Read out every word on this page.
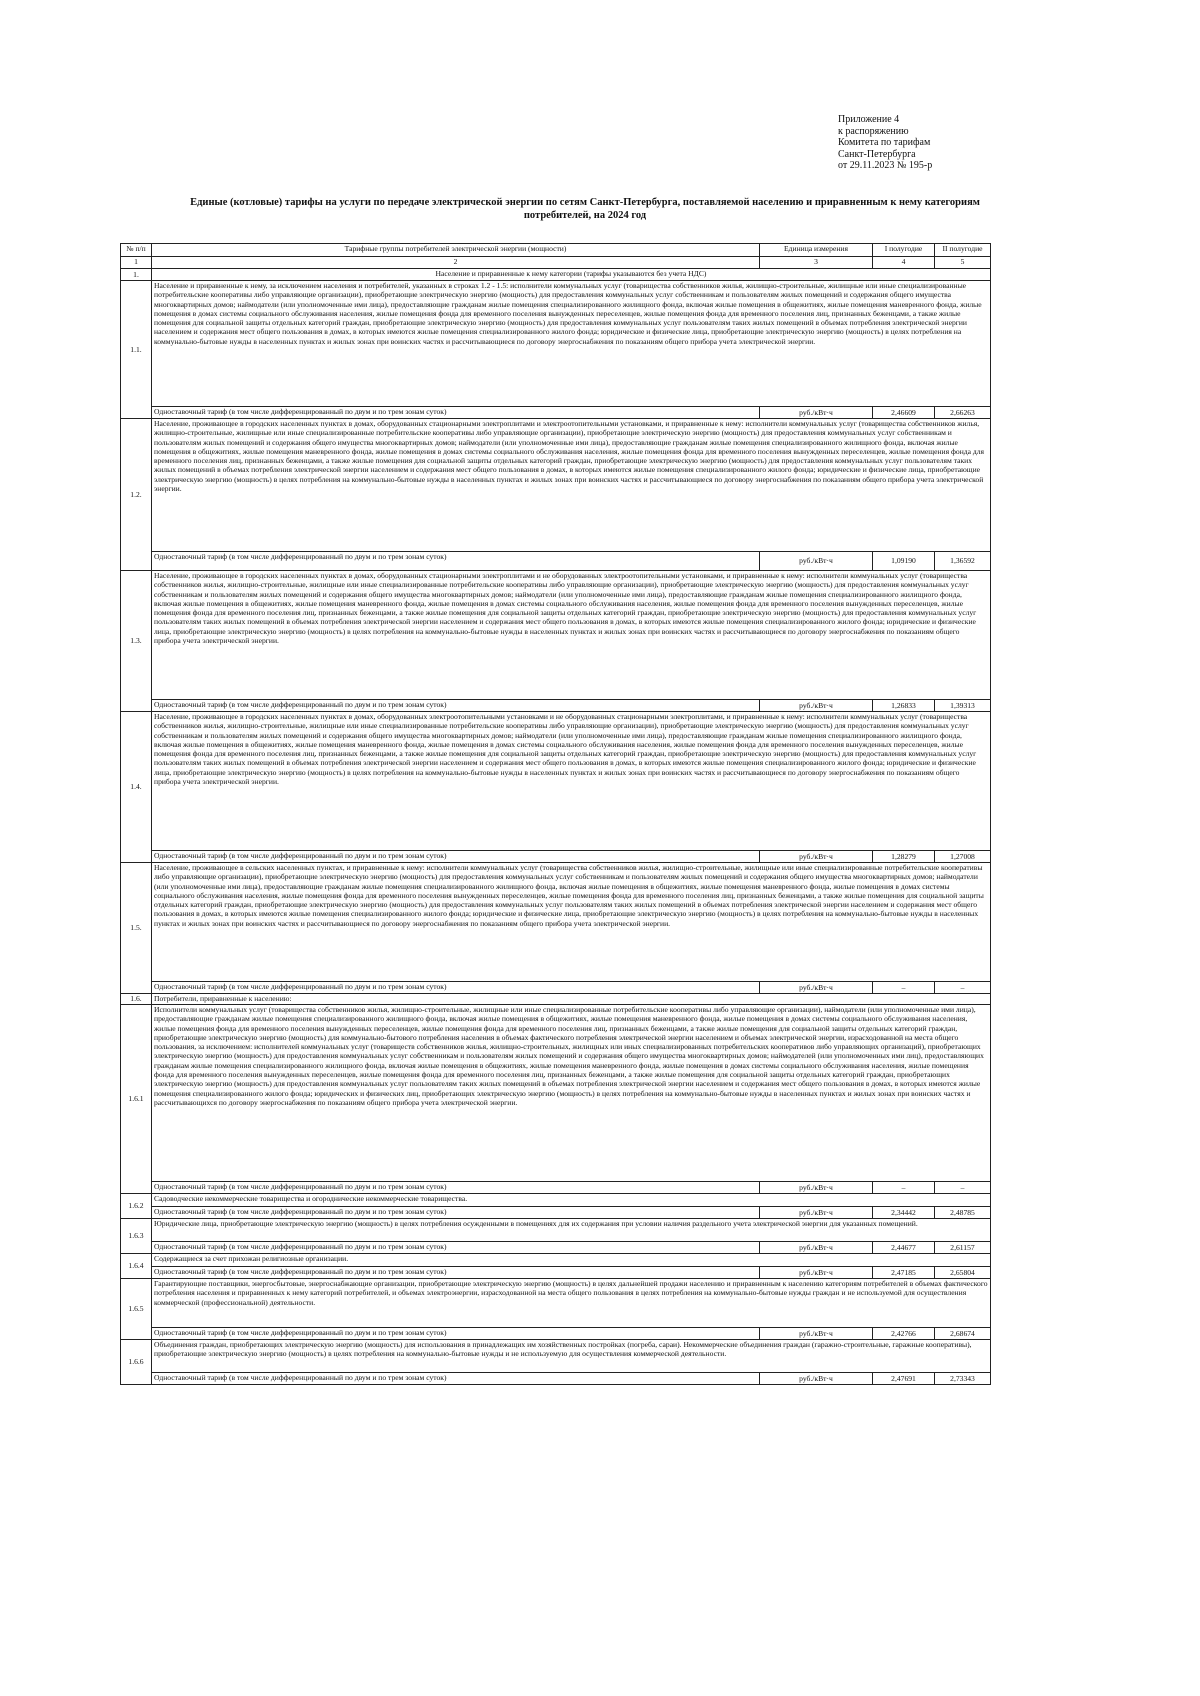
Приложение 4
к распоряжению
Комитета по тарифам
Санкт-Петербурга
от 29.11.2023 № 195-р
Единые (котловые) тарифы на услуги по передаче электрической энергии по сетям Санкт-Петербурга, поставляемой населению и приравненным к нему категориям потребителей, на 2024 год
№ п/п	Тарифные группы потребителей электрической энергии (мощности)	Единица измерения	I полугодие	II полугодие
1	2	3	4	5
1.	Население и приравненные к нему категории (тарифы указываются без учета НДС)			
1.1.	Население и приравненные к нему, за исключением населения и потребителей, указанных в строках 1.2 - 1.5: исполнители коммунальных услуг (товарищества собственников жилья, жилищно-строительные, жилищные или иные специализированные потребительские кооперативы либо управляющие организации), приобретающие электрическую энергию (мощность) для предоставления коммунальных услуг собственникам и пользователям жилых помещений и содержания общего имущества многоквартирных домов; наймодатели (или уполномоченные ими лица), предоставляющие гражданам жилые помещения специализированного жилищного фонда, включая жилые помещения в общежитиях, жилые помещения маневренного фонда, жилые помещения в домах системы социального обслуживания населения, жилые помещения фонда для временного поселения вынужденных переселенцев, жилые помещения фонда для временного поселения лиц, признанных беженцами, а также жилые помещения для социальной защиты отдельных категорий граждан, приобретающие электрическую энергию (мощность) для предоставления коммунальных услуг пользователям таких жилых помещений в объемах потребления электрической энергии населением и содержания мест общего пользования в домах, в которых имеются жилые помещения специализированного жилого фонда; юридические и физические лица, приобретающие электрическую энергию (мощность) в целях потребления на коммунально-бытовые нужды в населенных пунктах и жилых зонах при воинских частях и рассчитывающиеся по договору энергоснабжения по показаниям общего прибора учета электрической энергии.			
	Одноставочный тариф (в том числе дифференцированный по двум и по трем зонам суток)	руб./кВт·ч	2,46609	2,66263
1.2.	Население, проживающее в городских населенных пунктах в домах, оборудованных стационарными электроплитами и электроотопительными установками, и приравненные к нему: исполнители коммунальных услуг (товарищества собственников жилья, жилищно-строительные, жилищные или иные специализированные потребительские кооперативы либо управляющие организации), приобретающие электрическую энергию (мощность) для предоставления коммунальных услуг собственникам и пользователям жилых помещений и содержания общего имущества многоквартирных домов; наймодатели (или уполномоченные ими лица), предоставляющие гражданам жилые помещения специализированного жилищного фонда, включая жилые помещения в общежитиях, жилые помещения маневренного фонда, жилые помещения в домах системы социального обслуживания населения, жилые помещения фонда для временного поселения вынужденных переселенцев, жилые помещения фонда для временного поселения лиц, признанных беженцами, а также жилые помещения для социальной защиты отдельных категорий граждан, приобретающие электрическую энергию (мощность) для предоставления коммунальных услуг пользователям таких жилых помещений в объемах потребления электрической энергии населением и содержания мест общего пользования в домах, в которых имеются жилые помещения специализированного жилого фонда; юридические и физические лица, приобретающие электрическую энергию (мощность) в целях потребления на коммунально-бытовые нужды в населенных пунктах и жилых зонах при воинских частях и рассчитывающиеся по договору энергоснабжения по показаниям общего прибора учета электрической энергии.			
	Одноставочный тариф (в том числе дифференцированный по двум и по трем зонам суток)	руб./кВт·ч	1,09190	1,36592
1.3.	Население, проживающее в городских населенных пунктах в домах, оборудованных стационарными электроплитами и не оборудованных электроотопительными установками, и приравненные к нему: исполнители коммунальных услуг (товарищества собственников жилья, жилищно-строительные, жилищные или иные специализированные потребительские кооперативы либо управляющие организации), приобретающие электрическую энергию (мощность) для предоставления коммунальных услуг собственникам и пользователям жилых помещений и содержания общего имущества многоквартирных домов; наймодатели (или уполномоченные ими лица), предоставляющие гражданам жилые помещения специализированного жилищного фонда, включая жилые помещения в общежитиях, жилые помещения маневренного фонда, жилые помещения в домах системы социального обслуживания населения, жилые помещения фонда для временного поселения вынужденных переселенцев, жилые помещения фонда для временного поселения лиц, признанных беженцами, а также жилые помещения для социальной защиты отдельных категорий граждан, приобретающие электрическую энергию (мощность) для предоставления коммунальных услуг пользователям таких жилых помещений в объемах потребления электрической энергии населением и содержания мест общего пользования в домах, в которых имеются жилые помещения специализированного жилого фонда; юридические и физические лица, приобретающие электрическую энергию (мощность) в целях потребления на коммунально-бытовые нужды в населенных пунктах и жилых зонах при воинских частях и рассчитывающиеся по договору энергоснабжения по показаниям общего прибора учета электрической энергии.			
	Одноставочный тариф (в том числе дифференцированный по двум и по трем зонам суток)	руб./кВт·ч	1,26833	1,39313
1.4.	Население, проживающее в городских населенных пунктах в домах, оборудованных электроотопительными установками и не оборудованных стационарными электроплитами, и приравненные к нему: исполнители коммунальных услуг (товарищества собственников жилья, жилищно-строительные, жилищные или иные специализированные потребительские кооперативы либо управляющие организации), приобретающие электрическую энергию (мощность) для предоставления коммунальных услуг собственникам и пользователям жилых помещений и содержания общего имущества многоквартирных домов; наймодатели (или уполномоченные ими лица), предоставляющие гражданам жилые помещения специализированного жилищного фонда, включая жилые помещения в общежитиях, жилые помещения маневренного фонда, жилые помещения в домах системы социального обслуживания населения, жилые помещения фонда для временного поселения вынужденных переселенцев, жилые помещения фонда для временного поселения лиц, признанных беженцами, а также жилые помещения для социальной защиты отдельных категорий граждан, приобретающие электрическую энергию (мощность) для предоставления коммунальных услуг пользователям таких жилых помещений в объемах потребления электрической энергии населением и содержания мест общего пользования в домах, в которых имеются жилые помещения специализированного жилого фонда; юридические и физические лица, приобретающие электрическую энергию (мощность) в целях потребления на коммунально-бытовые нужды в населенных пунктах и жилых зонах при воинских частях и рассчитывающиеся по договору энергоснабжения по показаниям общего прибора учета электрической энергии.			
	Одноставочный тариф (в том числе дифференцированный по двум и по трем зонам суток)	руб./кВт·ч	1,28279	1,27008
1.5.	Население, проживающее в сельских населенных пунктах, и приравненные к нему: исполнители коммунальных услуг (товарищества собственников жилья, жилищно-строительные, жилищные или иные специализированные потребительские кооперативы либо управляющие организации), приобретающие электрическую энергию (мощность) для предоставления коммунальных услуг собственникам и пользователям жилых помещений и содержания общего имущества многоквартирных домов; наймодатели (или уполномоченные ими лица), предоставляющие гражданам жилые помещения специализированного жилищного фонда, включая жилые помещения в общежитиях, жилые помещения маневренного фонда, жилые помещения в домах системы социального обслуживания населения, жилые помещения фонда для временного поселения вынужденных переселенцев, жилые помещения фонда для временного поселения лиц, признанных беженцами, а также жилые помещения для социальной защиты отдельных категорий граждан, приобретающие электрическую энергию (мощность) для предоставления коммунальных услуг пользователям таких жилых помещений в объемах потребления электрической энергии населением и содержания мест общего пользования в домах, в которых имеются жилые помещения специализированного жилого фонда; юридические и физические лица, приобретающие электрическую энергию (мощность) в целях потребления на коммунально-бытовые нужды в населенных пунктах и жилых зонах при воинских частях и рассчитывающиеся по договору энергоснабжения по показаниям общего прибора учета электрической энергии.			
	Одноставочный тариф (в том числе дифференцированный по двум и по трем зонам суток)	руб./кВт·ч	–	–
1.6.	Потребители, приравненные к населению:			
1.6.1	Исполнители коммунальных услуг (товарищества собственников жилья, жилищно-строительные, жилищные или иные специализированные потребительские кооперативы либо управляющие организации), наймодатели (или уполномоченные ими лица), предоставляющие гражданам жилые помещения специализированного жилищного фонда, включая жилые помещения в общежитиях, жилые помещения маневренного фонда, жилые помещения в домах системы социального обслуживания населения, жилые помещения фонда для временного поселения вынужденных переселенцев, жилые помещения фонда для временного поселения лиц, признанных беженцами, а также жилые помещения для социальной защиты отдельных категорий граждан, приобретающие электрическую энергию (мощность) для коммунально-бытового потребления населения в объемах фактического потребления электрической энергии населением и объемах электрической энергии, израсходованной на места общего пользования, за исключением: исполнителей коммунальных услуг (товариществ собственников жилья, жилищно-строительных, жилищных или иных специализированных потребительских кооперативов либо управляющих организаций), приобретающих электрическую энергию (мощность) для предоставления коммунальных услуг собственникам и пользователям жилых помещений и содержания общего имущества многоквартирных домов; наймодателей (или уполномоченных ими лиц), предоставляющих гражданам жилые помещения специализированного жилищного фонда, включая жилые помещения в общежитиях, жилые помещения маневренного фонда, жилые помещения в домах системы социального обслуживания населения, жилые помещения фонда для временного поселения вынужденных переселенцев, жилые помещения фонда для временного поселения лиц, признанных беженцами, а также жилые помещения для социальной защиты отдельных категорий граждан, приобретающих электрическую энергию (мощность) для предоставления коммунальных услуг пользователям таких жилых помещений в объемах потребления электрической энергии населением и содержания мест общего пользования в домах, в которых имеются жилые помещения специализированного жилого фонда; юридических и физических лиц, приобретающих электрическую энергию (мощность) в целях потребления на коммунально-бытовые нужды в населенных пунктах и жилых зонах при воинских частях и рассчитывающихся по договору энергоснабжения по показаниям общего прибора учета электрической энергии.			
	Одноставочный тариф (в том числе дифференцированный по двум и по трем зонам суток)	руб./кВт·ч	–	–
1.6.2	Садоводческие некоммерческие товарищества и огороднические некоммерческие товарищества.			
	Одноставочный тариф (в том числе дифференцированный по двум и по трем зонам суток)	руб./кВт·ч	2,34442	2,48785
1.6.3	Юридические лица, приобретающие электрическую энергию (мощность) в целях потребления осужденными в помещениях для их содержания при условии наличия раздельного учета электрической энергии для указанных помещений.			
	Одноставочный тариф (в том числе дифференцированный по двум и по трем зонам суток)	руб./кВт·ч	2,44677	2,61157
1.6.4	Содержащиеся за счет прихожан религиозные организации.			
	Одноставочный тариф (в том числе дифференцированный по двум и по трем зонам суток)	руб./кВт·ч	2,47185	2,65804
1.6.5	Гарантирующие поставщики, энергосбытовые, энергоснабжающие организации, приобретающие электрическую энергию (мощность) в целях дальнейшей продажи населению и приравненным к населению категориям потребителей в объемах фактического потребления населения и приравненных к нему категорий потребителей, и объемах электроэнергии, израсходованной на места общего пользования в целях потребления на коммунально-бытовые нужды граждан и не используемой для осуществления коммерческой (профессиональной) деятельности.			
	Одноставочный тариф (в том числе дифференцированный по двум и по трем зонам суток)	руб./кВт·ч	2,42766	2,68674
1.6.6	Объединения граждан, приобретающих электрическую энергию (мощность) для использования в принадлежащих им хозяйственных постройках (погреба, сараи). Некоммерческие объединения граждан (гаражно-строительные, гаражные кооперативы), приобретающие электрическую энергию (мощность) в целях потребления на коммунально-бытовые нужды и не используемую для осуществления коммерческой деятельности.			
	Одноставочный тариф (в том числе дифференцированный по двум и по трем зонам суток)	руб./кВт·ч	2,47691	2,73343
